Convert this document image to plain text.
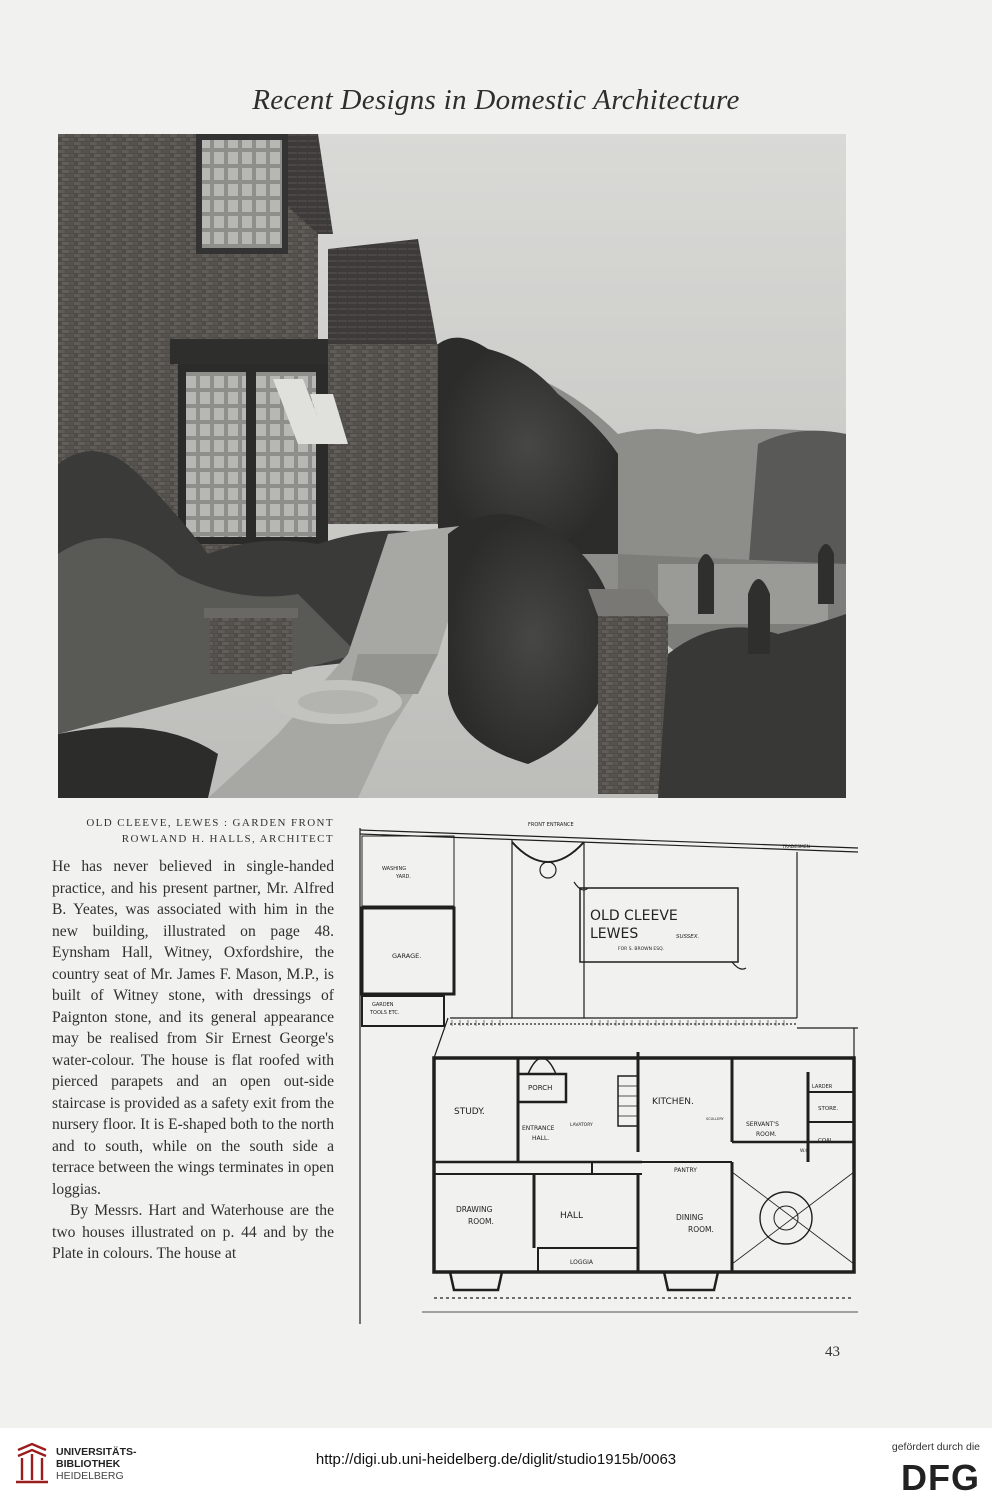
Recent Designs in Domestic Architecture
OLD CLEEVE, LEWES : GARDEN FRONT
ROWLAND H. HALLS, ARCHITECT

He has never believed in single-handed practice, and his present partner, Mr. Alfred B. Yeates, was associated with him in the new building, illustrated on page 48. Eynsham Hall, Witney, Oxfordshire, the country seat of Mr. James F. Mason, M.P., is built of Witney stone, with dressings of Paignton stone, and its general appearance may be realised from Sir Ernest George's water-colour. The house is flat roofed with pierced parapets and an open out-side staircase is provided as a safety exit from the nursery floor. It is E-shaped both to the north and to south, while on the south side a terrace between the wings terminates in open loggias.

By Messrs. Hart and Waterhouse are the two houses illustrated on p. 44 and by the Plate in colours. The house at

FRONT ENTRANCE
TRADESMEN
WASHING
YARD.
GARAGE.
GARDEN
TOOLS ETC.
OLD CLEEVE
LEWES	SUSSEX.
FOR S. BROWN ESQ.
PORCH
STUDY.
ENTRANCE
HALL.
LAVATORY
KITCHEN.
SCULLERY
SERVANT'S
ROOM.
LARDER
STORE.
COAL.
W.C.
PANTRY
DRAWING
ROOM.
HALL	DINING
ROOM.
LOGGIA
43
UNIVERSITÄTS-
BIBLIOTHEK
HEIDELBERG
http://digi.ub.uni-heidelberg.de/diglit/studio1915b/0063
gefördert durch die
DFG
